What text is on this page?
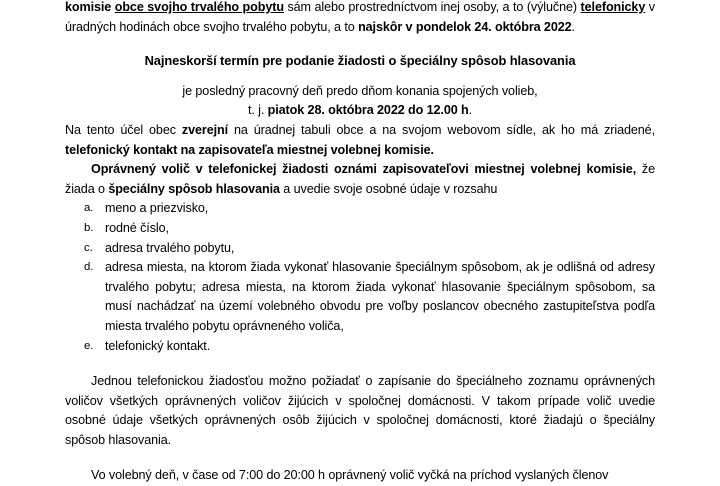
komisie obce svojho trvalého pobytu sám alebo prostredníctvom inej osoby, a to (výlučne) telefonicky v úradných hodinách obce svojho trvalého pobytu, a to najskôr v pondelok 24. októbra 2022.

Najneskorší termín pre podanie žiadosti o špeciálny spôsob hlasovania

je posledný pracovný deň predo dňom konania spojených volieb,

t. j. piatok 28. októbra 2022 do 12.00 h.

Na tento účel obec zverejní na úradnej tabuli obce a na svojom webovom sídle, ak ho má zriadené, telefonický kontakt na zapisovateľa miestnej volebnej komisie.

Oprávnený volič v telefonickej žiadosti oznámi zapisovateľovi miestnej volebnej komisie, že žiada o špeciálny spôsob hlasovania a uvedie svoje osobné údaje v rozsahu

a. meno a priezvisko,
b. rodné číslo,
c. adresa trvalého pobytu,
d. adresa miesta, na ktorom žiada vykonať hlasovanie špeciálnym spôsobom, ak je odlišná od adresy trvalého pobytu; adresa miesta, na ktorom žiada vykonať hlasovanie špeciálnym spôsobom, sa musí nachádzať na území volebného obvodu pre voľby poslancov obecného zastupiteľstva podľa miesta trvalého pobytu oprávneného voliča,
e. telefonický kontakt.

Jednou telefonickou žiadosťou možno požiadať o zapísanie do špeciálneho zoznamu oprávnených voličov všetkých oprávnených voličov žijúcich v spoločnej domácnosti. V takom prípade volič uvedie osobné údaje všetkých oprávnených osôb žijúcich v spoločnej domácnosti, ktoré žiadajú o špeciálny spôsob hlasovania.

Vo volebný deň, v čase od 7:00 do 20:00 h oprávnený volič vyčká na príchod vyslaných členov
